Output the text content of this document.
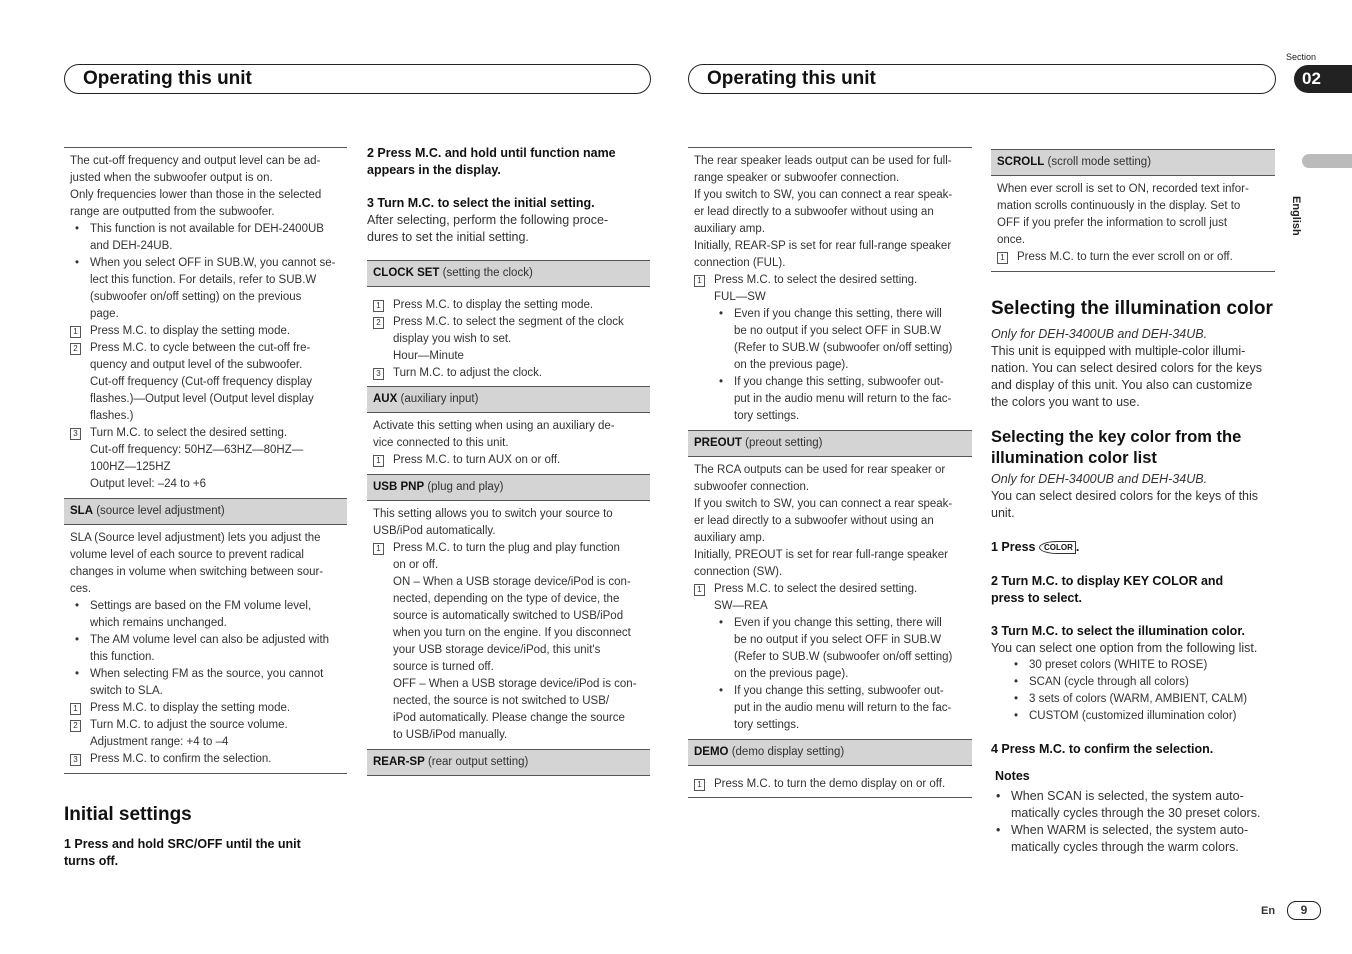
Operating this unit	Operating this unit
Section
02
English
The cut-off frequency and output level can be ad-
justed when the subwoofer output is on.
Only frequencies lower than those in the selected
range are outputted from the subwoofer.
• This function is not available for DEH-2400UB
and DEH-24UB.
• When you select OFF in SUB.W, you cannot se-
lect this function. For details, refer to SUB.W
(subwoofer on/off setting) on the previous
page.
1 Press M.C. to display the setting mode.
2 Press M.C. to cycle between the cut-off fre-
quency and output level of the subwoofer.
Cut-off frequency (Cut-off frequency display
flashes.)—Output level (Output level display
flashes.)
3 Turn M.C. to select the desired setting.
Cut-off frequency: 50HZ—63HZ—80HZ—
100HZ—125HZ
Output level: –24 to +6
SLA (source level adjustment)
SLA (Source level adjustment) lets you adjust the
volume level of each source to prevent radical
changes in volume when switching between sour-
ces.
• Settings are based on the FM volume level,
which remains unchanged.
• The AM volume level can also be adjusted with
this function.
• When selecting FM as the source, you cannot
switch to SLA.
1 Press M.C. to display the setting mode.
2 Turn M.C. to adjust the source volume.
Adjustment range: +4 to –4
3 Press M.C. to confirm the selection.
Initial settings
1 Press and hold SRC/OFF until the unit
turns off.
2 Press M.C. and hold until function name
appears in the display.
3 Turn M.C. to select the initial setting.
After selecting, perform the following proce-
dures to set the initial setting.
CLOCK SET (setting the clock)
1 Press M.C. to display the setting mode.
2 Press M.C. to select the segment of the clock
display you wish to set.
Hour—Minute
3 Turn M.C. to adjust the clock.
AUX (auxiliary input)
Activate this setting when using an auxiliary de-
vice connected to this unit.
1 Press M.C. to turn AUX on or off.
USB PNP (plug and play)
This setting allows you to switch your source to
USB/iPod automatically.
1 Press M.C. to turn the plug and play function
on or off.
ON – When a USB storage device/iPod is con-
nected, depending on the type of device, the
source is automatically switched to USB/iPod
when you turn on the engine. If you disconnect
your USB storage device/iPod, this unit's
source is turned off.
OFF – When a USB storage device/iPod is con-
nected, the source is not switched to USB/
iPod automatically. Please change the source
to USB/iPod manually.
REAR-SP (rear output setting)
The rear speaker leads output can be used for full-
range speaker or subwoofer connection.
If you switch to SW, you can connect a rear speak-
er lead directly to a subwoofer without using an
auxiliary amp.
Initially, REAR-SP is set for rear full-range speaker
connection (FUL).
1 Press M.C. to select the desired setting.
FUL—SW
• Even if you change this setting, there will
be no output if you select OFF in SUB.W
(Refer to SUB.W (subwoofer on/off setting)
on the previous page).
• If you change this setting, subwoofer out-
put in the audio menu will return to the fac-
tory settings.
PREOUT (preout setting)
The RCA outputs can be used for rear speaker or
subwoofer connection.
If you switch to SW, you can connect a rear speak-
er lead directly to a subwoofer without using an
auxiliary amp.
Initially, PREOUT is set for rear full-range speaker
connection (SW).
1 Press M.C. to select the desired setting.
SW—REA
• Even if you change this setting, there will
be no output if you select OFF in SUB.W
(Refer to SUB.W (subwoofer on/off setting)
on the previous page).
• If you change this setting, subwoofer out-
put in the audio menu will return to the fac-
tory settings.
DEMO (demo display setting)
1 Press M.C. to turn the demo display on or off.
SCROLL (scroll mode setting)
When ever scroll is set to ON, recorded text infor-
mation scrolls continuously in the display. Set to
OFF if you prefer the information to scroll just
once.
1 Press M.C. to turn the ever scroll on or off.
Selecting the illumination color
Only for DEH-3400UB and DEH-34UB.
This unit is equipped with multiple-color illumi-
nation. You can select desired colors for the keys
and display of this unit. You also can customize
the colors you want to use.
Selecting the key color from the
illumination color list
Only for DEH-3400UB and DEH-34UB.
You can select desired colors for the keys of this
unit.
1 Press COLOR .
2 Turn M.C. to display KEY COLOR and
press to select.
3 Turn M.C. to select the illumination color.
You can select one option from the following list.
• 30 preset colors (WHITE to ROSE)
• SCAN (cycle through all colors)
• 3 sets of colors (WARM, AMBIENT, CALM)
• CUSTOM (customized illumination color)
4 Press M.C. to confirm the selection.
Notes
• When SCAN is selected, the system auto-
matically cycles through the 30 preset colors.
• When WARM is selected, the system auto-
matically cycles through the warm colors.
En	9
